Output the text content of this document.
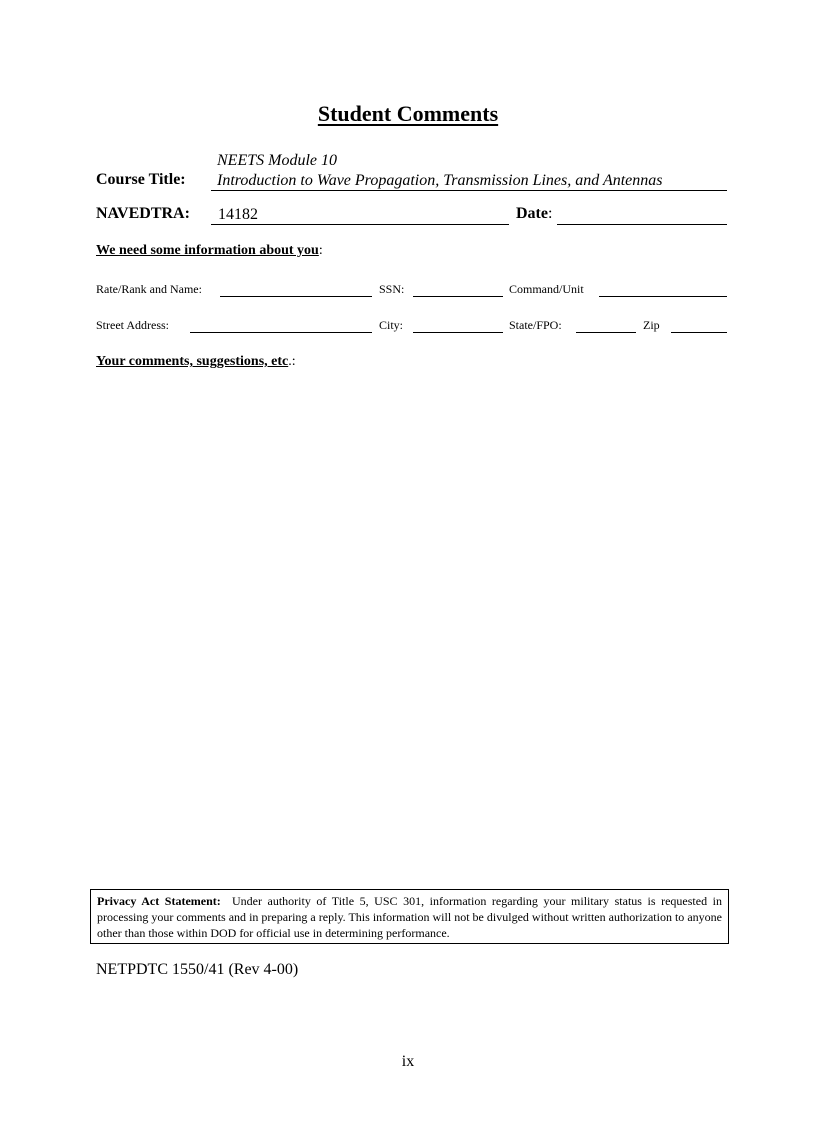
Student Comments
NEETS Module 10
Course Title: Introduction to Wave Propagation, Transmission Lines, and Antennas
NAVEDTRA: 14182	Date:
We need some information about you:
Rate/Rank and Name:	SSN:	Command/Unit
Street Address:	City:	State/FPO:	Zip
Your comments, suggestions, etc.:
Privacy Act Statement: Under authority of Title 5, USC 301, information regarding your military status is requested in processing your comments and in preparing a reply. This information will not be divulged without written authorization to anyone other than those within DOD for official use in determining performance.
NETPDTC 1550/41 (Rev 4-00)
ix
